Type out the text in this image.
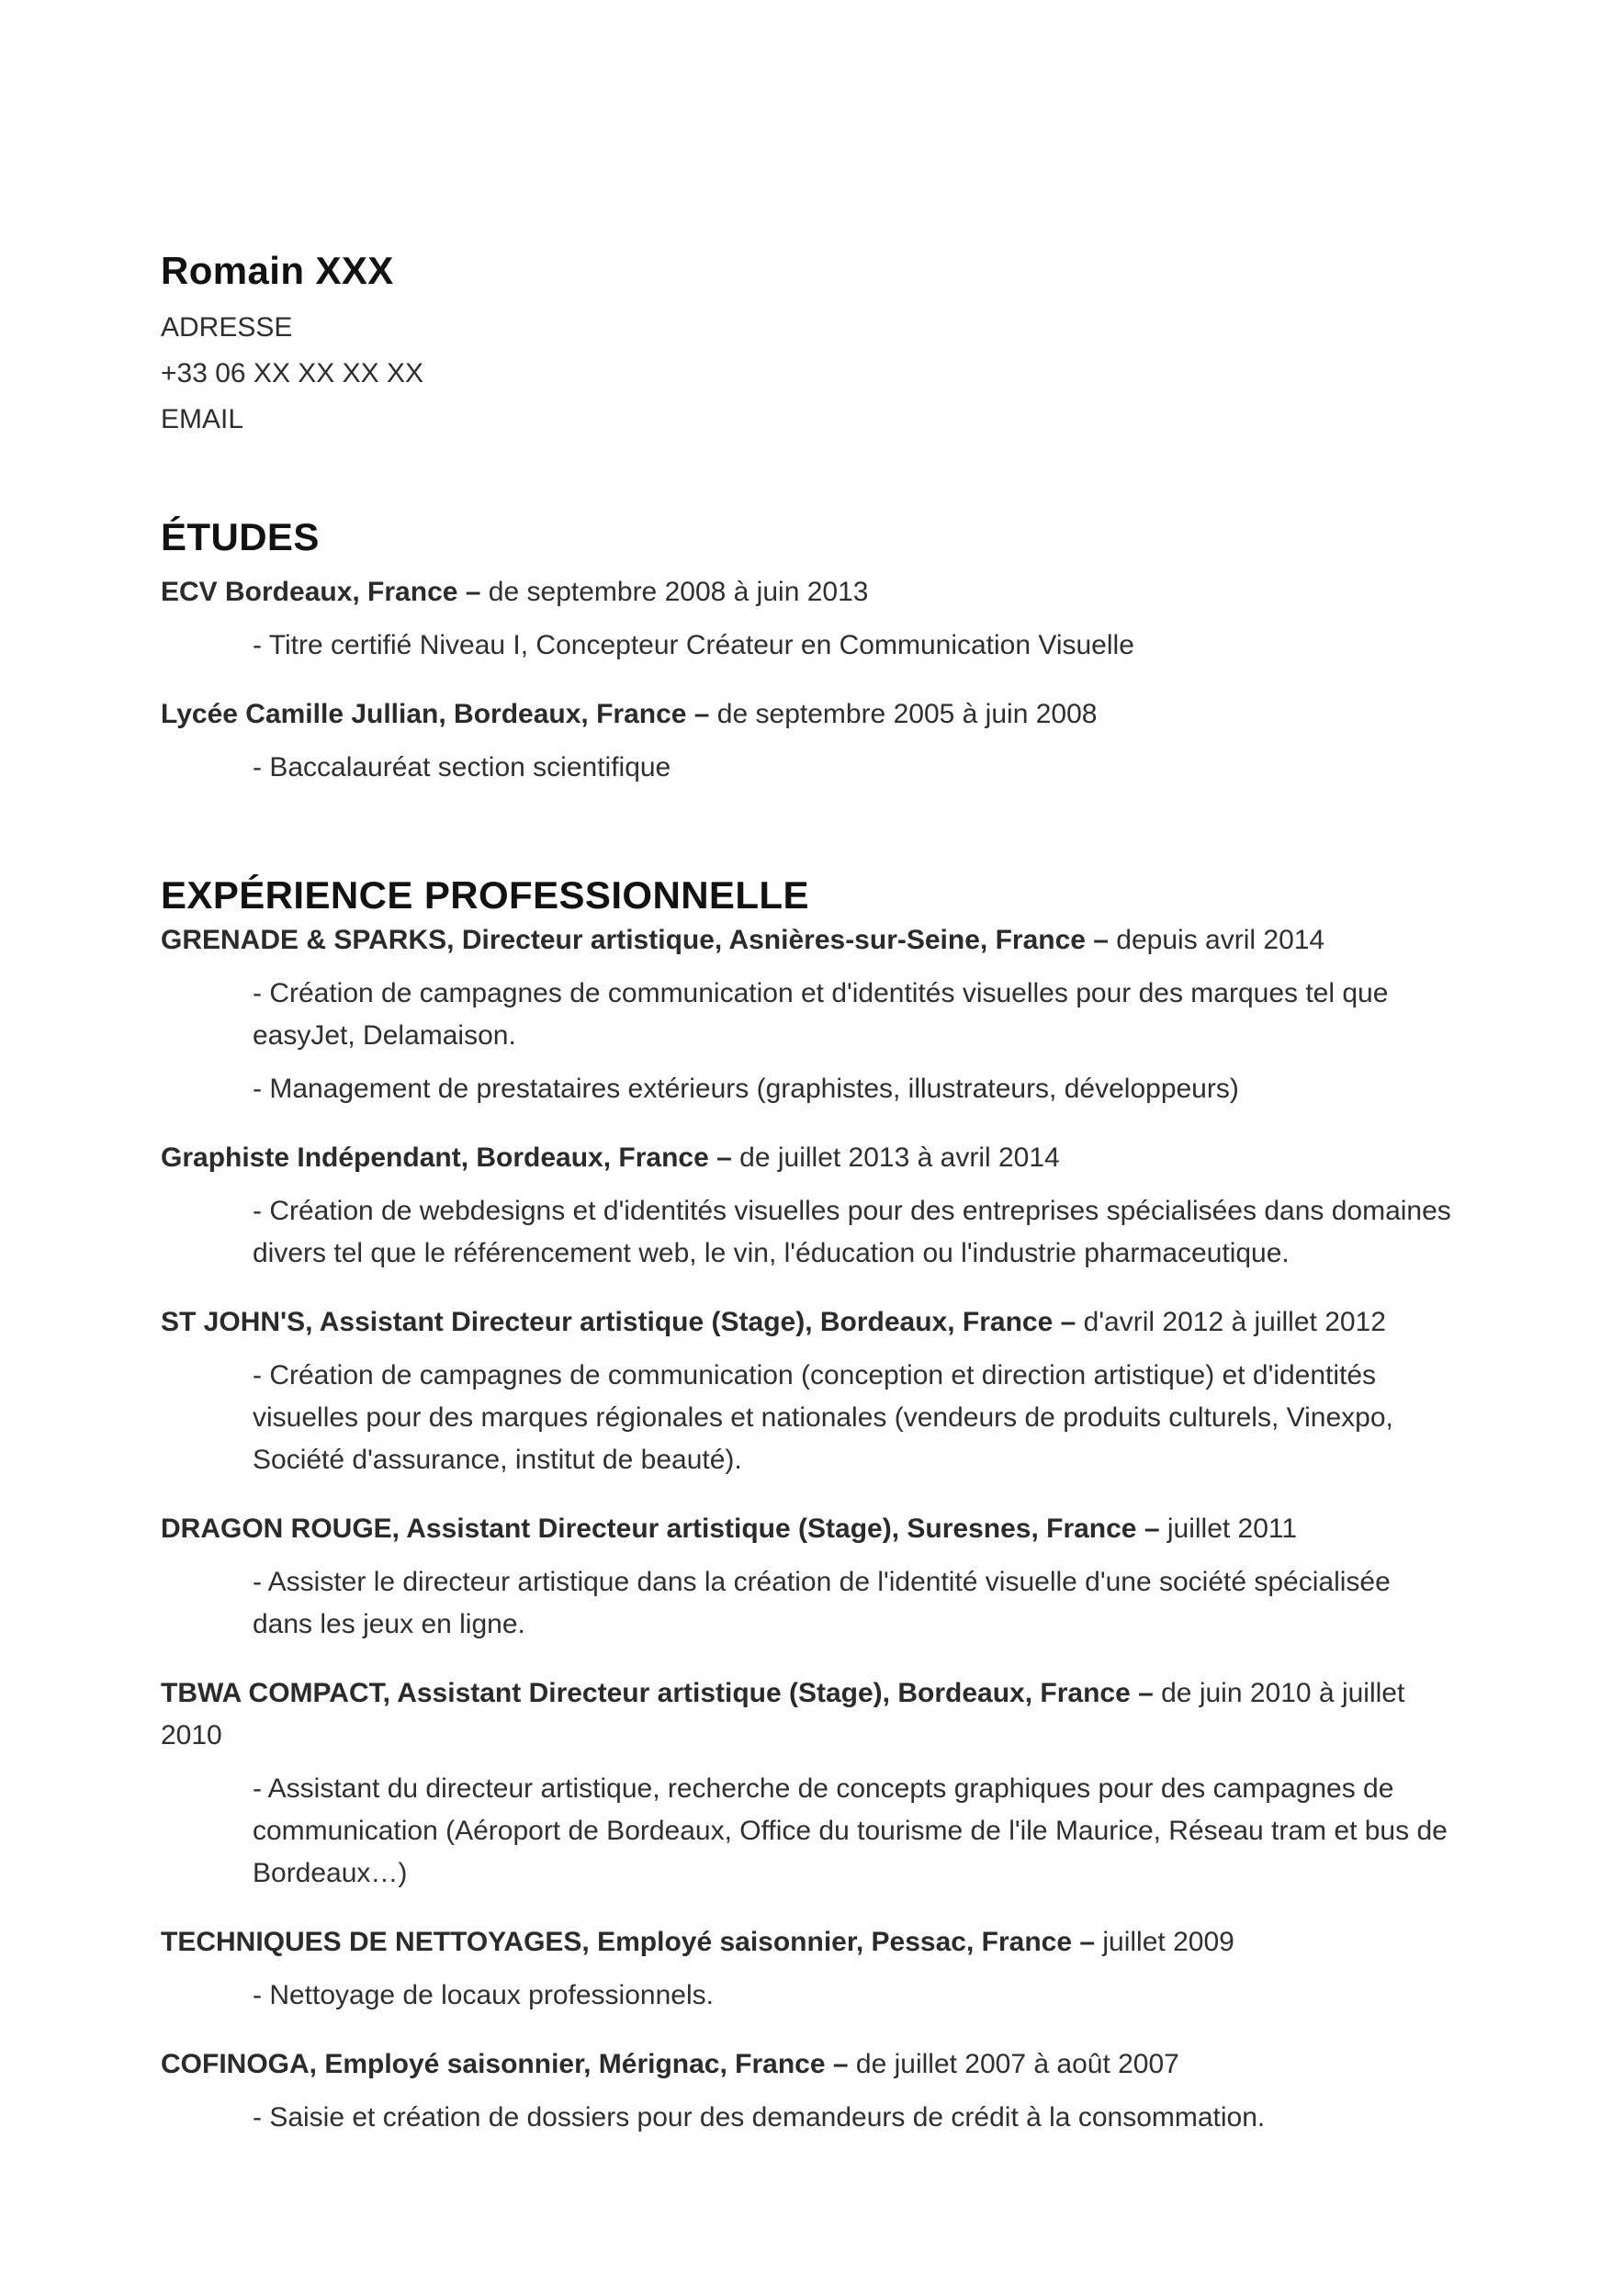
Romain XXX

ADRESSE

+33 06 XX XX XX XX

EMAIL

ÉTUDES

ECV Bordeaux, France – de septembre 2008 à juin 2013

- Titre certifié Niveau I, Concepteur Créateur en Communication Visuelle

Lycée Camille Jullian, Bordeaux, France – de septembre 2005 à juin 2008

- Baccalauréat section scientifique

EXPÉRIENCE PROFESSIONNELLE

GRENADE & SPARKS, Directeur artistique, Asnières-sur-Seine, France – depuis avril 2014

- Création de campagnes de communication et d'identités visuelles pour des marques tel que easyJet, Delamaison.

- Management de prestataires extérieurs (graphistes, illustrateurs, développeurs)

Graphiste Indépendant, Bordeaux, France – de juillet 2013 à avril 2014

- Création de webdesigns et d'identités visuelles pour des entreprises spécialisées dans domaines divers tel que le référencement web, le vin, l'éducation ou l'industrie pharmaceutique.

ST JOHN'S, Assistant Directeur artistique (Stage), Bordeaux, France – d'avril 2012 à juillet 2012

- Création de campagnes de communication (conception et direction artistique) et d'identités visuelles pour des marques régionales et nationales (vendeurs de produits culturels, Vinexpo, Société d'assurance, institut de beauté).

DRAGON ROUGE, Assistant Directeur artistique (Stage), Suresnes, France – juillet 2011

- Assister le directeur artistique dans la création de l'identité visuelle d'une société spécialisée dans les jeux en ligne.

TBWA COMPACT, Assistant Directeur artistique (Stage), Bordeaux, France – de juin 2010 à juillet 2010

- Assistant du directeur artistique, recherche de concepts graphiques pour des campagnes de communication (Aéroport de Bordeaux, Office du tourisme de l'ile Maurice, Réseau tram et bus de Bordeaux…)

TECHNIQUES DE NETTOYAGES, Employé saisonnier, Pessac, France – juillet 2009

- Nettoyage de locaux professionnels.

COFINOGA, Employé saisonnier, Mérignac, France – de juillet 2007 à août 2007

- Saisie et création de dossiers pour des demandeurs de crédit à la consommation.
